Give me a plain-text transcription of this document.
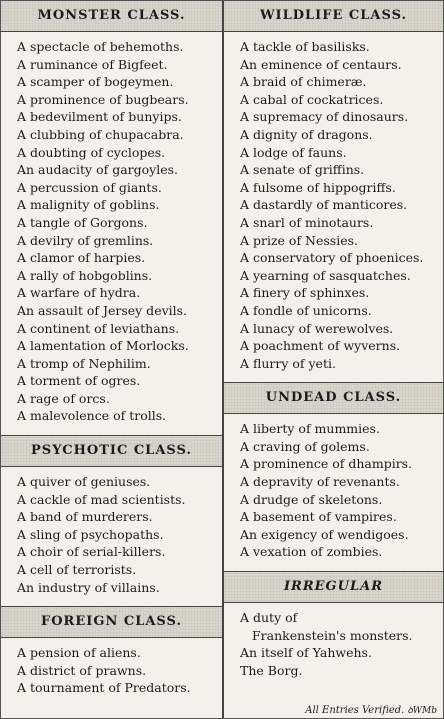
MONSTER CLASS.
A spectacle of behemoths.
A ruminance of Bigfeet.
A scamper of bogeymen.
A prominence of bugbears.
A bedevilment of bunyips.
A clubbing of chupacabra.
A doubting of cyclopes.
An audacity of gargoyles.
A percussion of giants.
A malignity of goblins.
A tangle of Gorgons.
A devilry of gremlins.
A clamor of harpies.
A rally of hobgoblins.
A warfare of hydra.
An assault of Jersey devils.
A continent of leviathans.
A lamentation of Morlocks.
A tromp of Nephilim.
A torment of ogres.
A rage of orcs.
A malevolence of trolls.
PSYCHOTIC CLASS.
A quiver of geniuses.
A cackle of mad scientists.
A band of murderers.
A sling of psychopaths.
A choir of serial-killers.
A cell of terrorists.
An industry of villains.
FOREIGN CLASS.
A pension of aliens.
A district of prawns.
A tournament of Predators.
WILDLIFE CLASS.
A tackle of basilisks.
An eminence of centaurs.
A braid of chimeræ.
A cabal of cockatrices.
A supremacy of dinosaurs.
A dignity of dragons.
A lodge of fauns.
A senate of griffins.
A fulsome of hippogriffs.
A dastardly of manticores.
A snarl of minotaurs.
A prize of Nessies.
A conservatory of phoenices.
A yearning of sasquatches.
A finery of sphinxes.
A fondle of unicorns.
A lunacy of werewolves.
A poachment of wyverns.
A flurry of yeti.
UNDEAD CLASS.
A liberty of mummies.
A craving of golems.
A prominence of dhampirs.
A depravity of revenants.
A drudge of skeletons.
A basement of vampires.
An exigency of wendigoes.
A vexation of zombies.
IRREGULAR
A duty of
Frankenstein's monsters.
An itself of Yahwehs.
The Borg.
All Entries Verified. ꝺWMb
